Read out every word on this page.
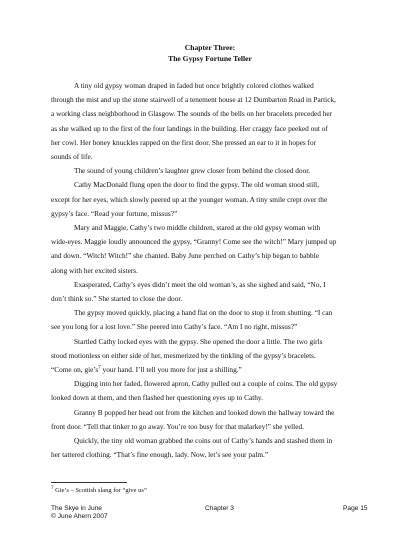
Chapter Three:
The Gypsy Fortune Teller

A tiny old gypsy woman draped in faded but once brightly colored clothes walked

through the mist and up the stone stairwell of a tenement house at 12 Dumbarton Road in Partick,

a working class neighborhood in Glasgow. The sounds of the bells on her bracelets preceded her

as she walked up to the first of the four landings in the building. Her craggy face peeked out of

her cowl. Her boney knuckles rapped on the first door. She pressed an ear to it in hopes for

sounds of life.

The sound of young children’s laughter grew closer from behind the closed door.

Cathy MacDonald flung open the door to find the gypsy. The old woman stood still,

except for her eyes, which slowly peered up at the younger woman. A tiny smile crept over the

gypsy’s face. “Read your fortune, missus?”

Mary and Maggie, Cathy’s two middle children, stared at the old gypsy woman with

wide-eyes. Maggie loudly announced the gypsy, “Granny! Come see the witch!” Mary jumped up

and down. “Witch! Witch!” she chanted. Baby June perched on Cathy’s hip began to babble

along with her excited sisters.

Exasperated, Cathy’s eyes didn’t meet the old woman’s, as she sighed and said, “No, I

don’t think so.” She started to close the door.

The gypsy moved quickly, placing a hand flat on the door to stop it from shutting. “I can

see you long for a lost love.” She peered into Cathy’s face. “Am I no right, missus?”

Startled Cathy locked eyes with the gypsy. She opened the door a little. The two girls

stood motionless on either side of her, mesmerized by the tinkling of the gypsy’s bracelets.

“Come on, $gie’s^7$ your hand. I’ll tell you more for just a shilling.”

Digging into her faded, flowered apron, Cathy pulled out a couple of coins. The old gypsy

looked down at them, and then flashed her questioning eyes up to Cathy.

Granny B popped her head out from the kitchen and looked down the hallway toward the

front door. “Tell that tinker to go away. You’re too busy for that malarkey!” she yelled.

Quickly, the tiny old woman grabbed the coins out of Cathy’s hands and stashed them in

her tattered clothing. “That’s fine enough, lady. Now, let’s see your palm.”

$^7$ Gie’s – Scottish slang for “give us”
The Skye in June
© June Ahern 2007
Chapter 3	Page 15
